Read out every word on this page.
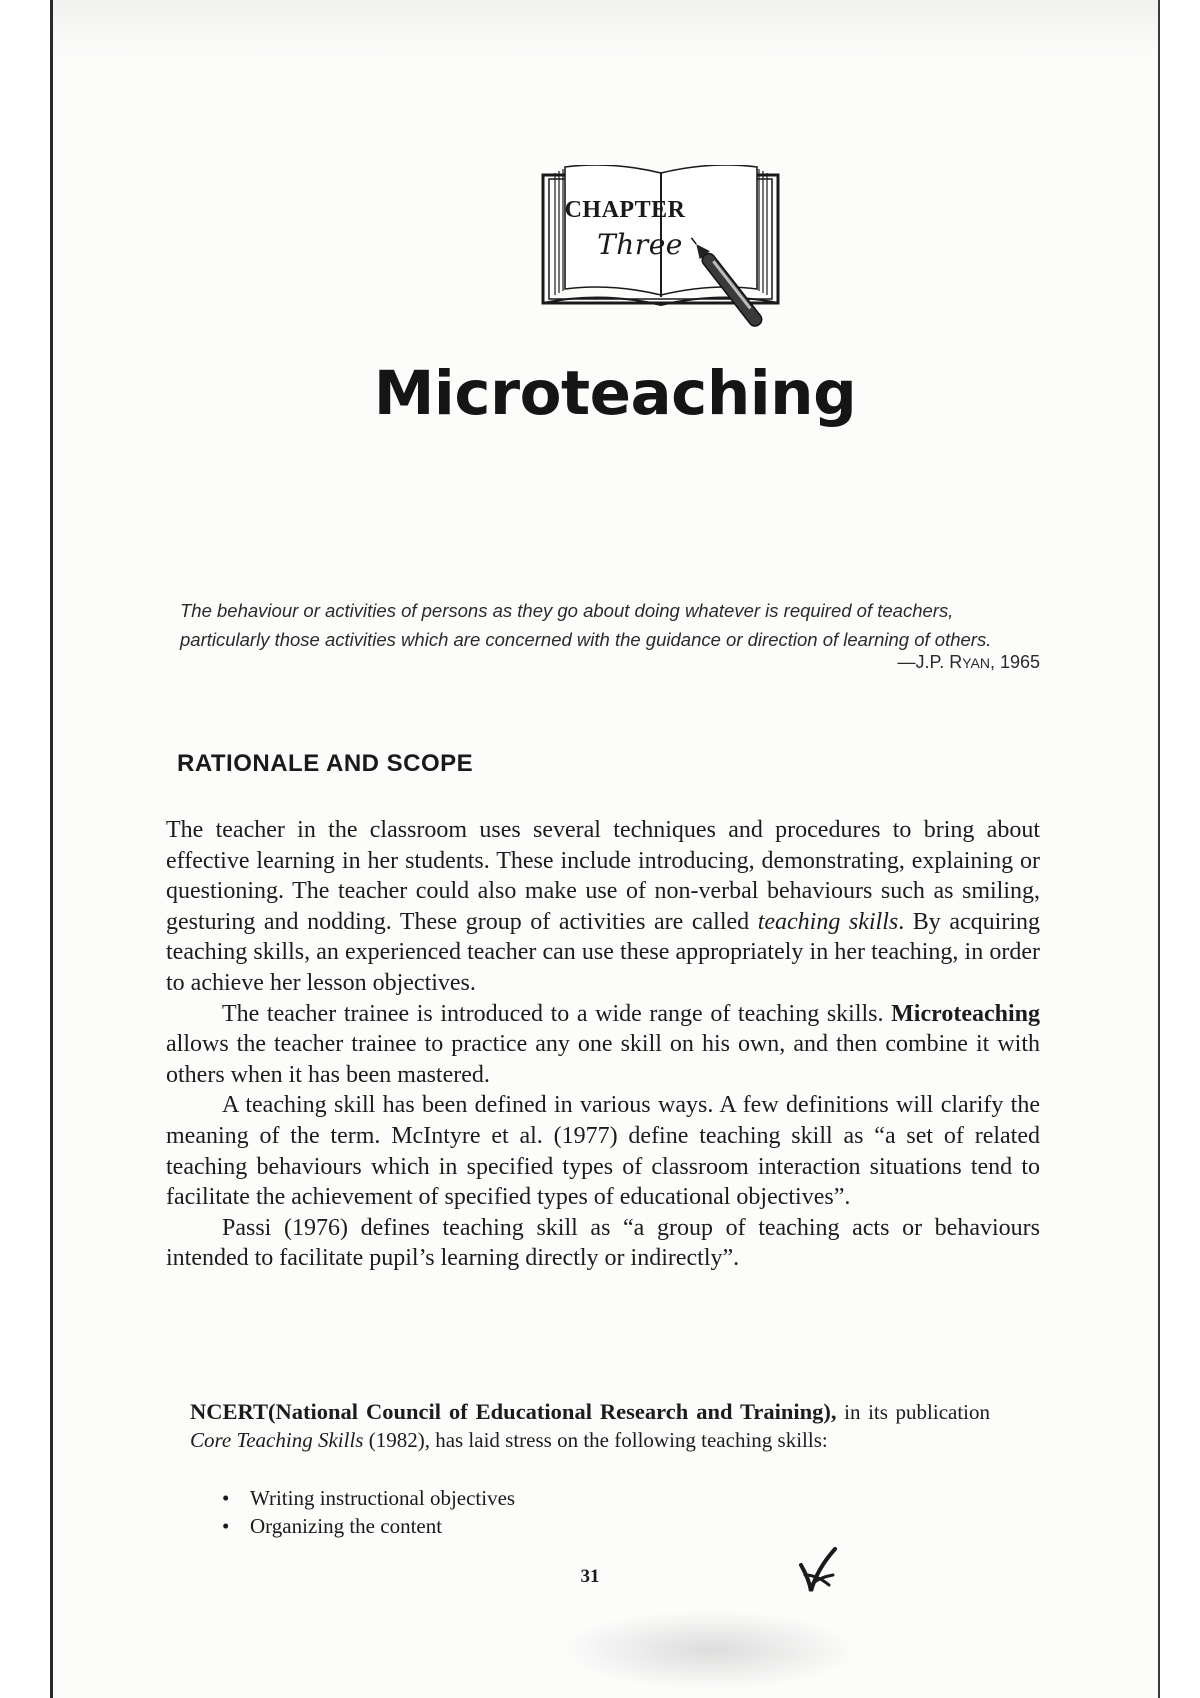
CHAPTER
Three
Microteaching
The behaviour or activities of persons as they go about doing whatever is required of teachers, particularly those activities which are concerned with the guidance or direction of learning of others.
—J.P. RYAN, 1965
RATIONALE AND SCOPE

The teacher in the classroom uses several techniques and procedures to bring about effective learning in her students. These include introducing, demonstrating, explaining or questioning. The teacher could also make use of non-verbal behaviours such as smiling, gesturing and nodding. These group of activities are called teaching skills. By acquiring teaching skills, an experienced teacher can use these appropriately in her teaching, in order to achieve her lesson objectives.

The teacher trainee is introduced to a wide range of teaching skills. Microteaching allows the teacher trainee to practice any one skill on his own, and then combine it with others when it has been mastered.

A teaching skill has been defined in various ways. A few definitions will clarify the meaning of the term. McIntyre et al. (1977) define teaching skill as “a set of related teaching behaviours which in specified types of classroom interaction situations tend to facilitate the achievement of specified types of educational objectives”.

Passi (1976) defines teaching skill as “a group of teaching acts or behaviours intended to facilitate pupil’s learning directly or indirectly”.

NCERT(National Council of Educational Research and Training), in its publication Core Teaching Skills (1982), has laid stress on the following teaching skills:
• Writing instructional objectives
• Organizing the content
31
